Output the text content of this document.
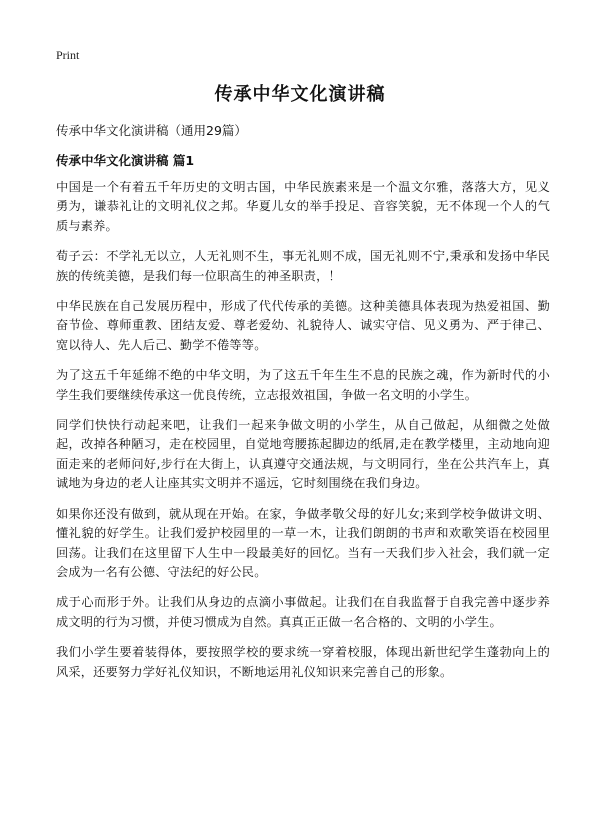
Print
传承中华文化演讲稿
传承中华文化演讲稿（通用29篇）
传承中华文化演讲稿 篇1

中国是一个有着五千年历史的文明古国，中华民族素来是一个温文尔雅，落落大方，见义勇为，谦恭礼让的文明礼仪之邦。华夏儿女的举手投足、音容笑貌，无不体现一个人的气质与素养。

荀子云：不学礼无以立，人无礼则不生，事无礼则不成，国无礼则不宁,秉承和发扬中华民族的传统美德，是我们每一位职高生的神圣职责，！

中华民族在自己发展历程中，形成了代代传承的美德。这种美德具体表现为热爱祖国、勤奋节俭、尊师重教、团结友爱、尊老爱幼、礼貌待人、诚实守信、见义勇为、严于律己、宽以待人、先人后己、勤学不倦等等。

为了这五千年延绵不绝的中华文明，为了这五千年生生不息的民族之魂，作为新时代的小学生我们要继续传承这一优良传统，立志报效祖国，争做一名文明的小学生。

同学们快快行动起来吧，让我们一起来争做文明的小学生，从自己做起，从细微之处做起，改掉各种陋习，走在校园里，自觉地弯腰拣起脚边的纸屑,走在教学楼里，主动地向迎面走来的老师问好,步行在大街上，认真遵守交通法规，与文明同行，坐在公共汽车上，真诚地为身边的老人让座其实文明并不遥远，它时刻围绕在我们身边。

如果你还没有做到，就从现在开始。在家，争做孝敬父母的好儿女;来到学校争做讲文明、懂礼貌的好学生。让我们爱护校园里的一草一木，让我们朗朗的书声和欢歌笑语在校园里回荡。让我们在这里留下人生中一段最美好的回忆。当有一天我们步入社会，我们就一定会成为一名有公德、守法纪的好公民。

成于心而形于外。让我们从身边的点滴小事做起。让我们在自我监督于自我完善中逐步养成文明的行为习惯，并使习惯成为自然。真真正正做一名合格的、文明的小学生。

我们小学生要着装得体，要按照学校的要求统一穿着校服，体现出新世纪学生蓬勃向上的风采，还要努力学好礼仪知识，不断地运用礼仪知识来完善自己的形象。
